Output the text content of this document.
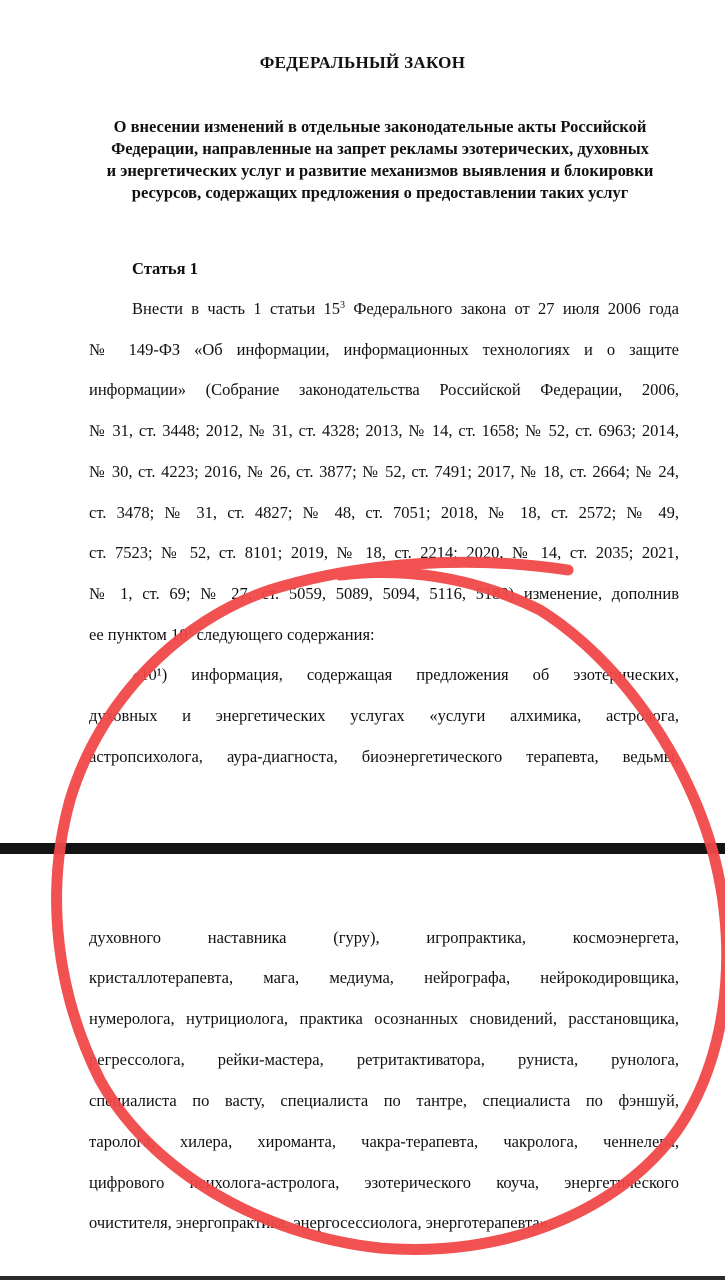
ФЕДЕРАЛЬНЫЙ ЗАКОН
О внесении изменений в отдельные законодательные акты Российской
Федерации, направленные на запрет рекламы эзотерических, духовных
и энергетических услуг и развитие механизмов выявления и блокировки
ресурсов, содержащих предложения о предоставлении таких услуг
Статья 1
Внести в часть 1 статьи $15^3$ Федерального закона от 27 июля 2006 года
№ 149-ФЗ «Об информации, информационных технологиях и о защите
информации» (Собрание законодательства Российской Федерации, 2006,
№ 31, ст. 3448; 2012, № 31, ст. 4328; 2013, № 14, ст. 1658; № 52, ст. 6963; 2014,
№ 30, ст. 4223; 2016, № 26, ст. 3877; № 52, ст. 7491; 2017, № 18, ст. 2664; № 24,
ст. 3478; № 31, ст. 4827; № 48, ст. 7051; 2018, № 18, ст. 2572; № 49,
ст. 7523; № 52, ст. 8101; 2019, № 18, ст. 2214; 2020, № 14, ст. 2035; 2021,
№ 1, ст. 69; № 27, ст. 5059, 5089, 5094, 5116, 5183) изменение, дополнив
ее пунктом $10^1$ следующего содержания:
«10¹) информация, содержащая предложения об эзотерических,
духовных и энергетических услугах «услуги алхимика, астролога,
астропсихолога, аура-диагноста, биоэнергетического терапевта, ведьмы,
духовного наставника (гуру), игропрактика, космоэнергета,
кристаллотерапевта, мага, медиума, нейрографа, нейрокодировщика,
нумеролога, нутрициолога, практика осознанных сновидений, расстановщика,
регрессолога, рейки-мастера, ретритактиватора, руниста, рунолога,
специалиста по васту, специалиста по тантре, специалиста по фэншуй,
таролога, хилера, хироманта, чакра-терапевта, чакролога, ченнелера,
цифрового психолога-астролога, эзотерического коуча, энергетического
очистителя, энергопрактика, энергосессиолога, энерготерапевта».
